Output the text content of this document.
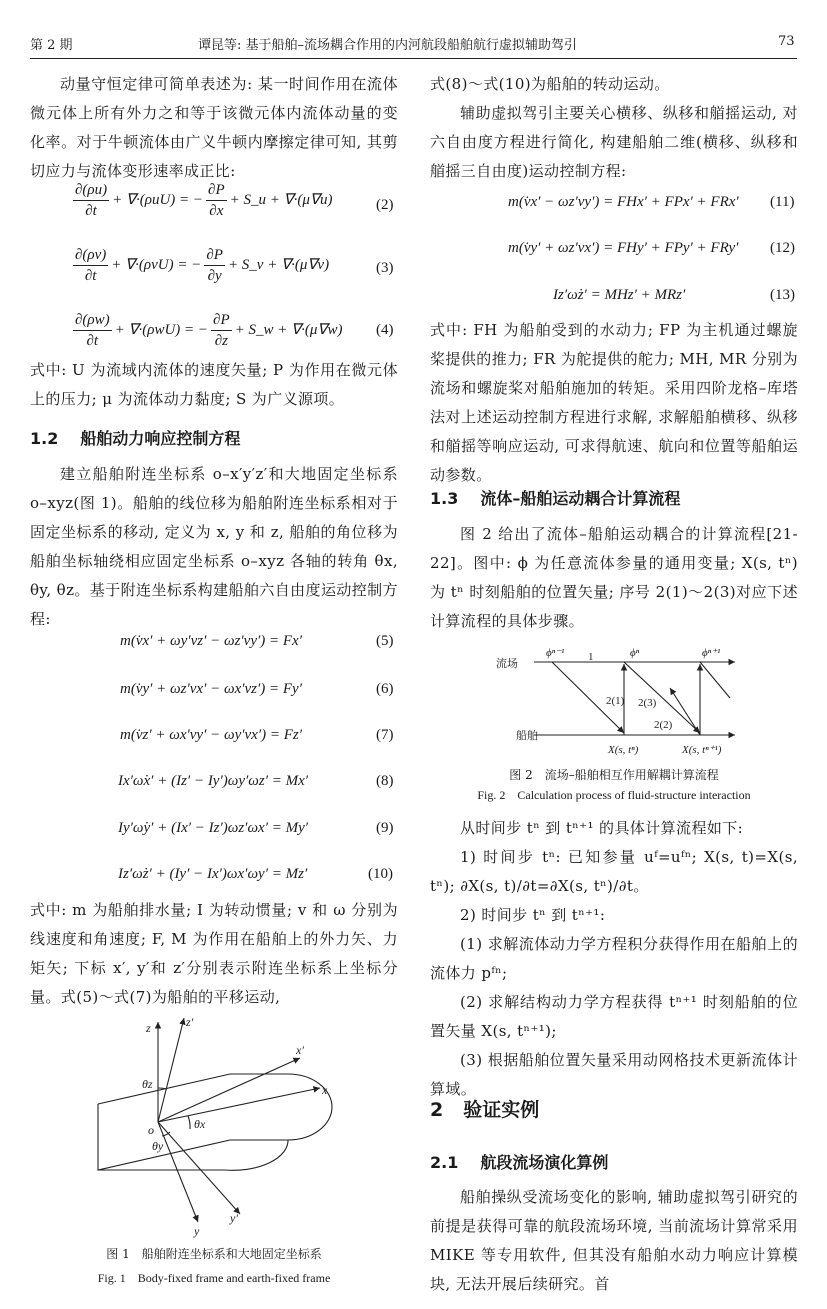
第 2 期	谭昆等: 基于船舶–流场耦合作用的内河航段船舶航行虚拟辅助驾引	73

动量守恒定律可简单表述为: 某一时间作用在流体微元体上所有外力之和等于该微元体内流体动量的变化率。对于牛顿流体由广义牛顿内摩擦定律可知, 其剪切应力与流体变形速率成正比:

$\frac{\partial(\rho u)}{\partial t} + \nabla\cdot(\rho uU)$ = − $\frac{\partial P}{\partial x}$ + S_u + ∇·(μ∇u)	(2)
$\frac{\partial(\rho v)}{\partial t} + \nabla\cdot(\rho vU)$ = − $\frac{\partial P}{\partial y}$ + S_v + ∇·(μ∇v)	(3)
$\frac{\partial(\rho w)}{\partial t} + \nabla\cdot(\rho wU)$ = − $\frac{\partial P}{\partial z}$ + S_w + ∇·(μ∇w) (4)

式中: U 为流域内流体的速度矢量; P 为作用在微元体上的压力; μ 为流体动力黏度; S 为广义源项。

1.2 船舶动力响应控制方程

建立船舶附连坐标系 o–x′y′z′和大地固定坐标系 o–xyz(图 1)。船舶的线位移为船舶附连坐标系相对于固定坐标系的移动, 定义为 x, y 和 z, 船舶的角位移为船舶坐标轴绕相应固定坐标系 o–xyz 各轴的转角 θx, θy, θz。基于附连坐标系构建船舶六自由度运动控制方程:

m(v̇x′ + ωy′vz′ − ωz′vy′) = Fx′	(5)
m(v̇y′ + ωz′vx′ − ωx′vz′) = Fy′	(6)
m(v̇z′ + ωx′vy′ − ωy′vx′) = Fz′	(7)
Ix′ω̇x′ + (Iz′ − Iy′)ωy′ωz′ = Mx′	(8)
Iy′ω̇y′ + (Ix′ − Iz′)ωz′ωx′ = My′	(9)
Iz′ω̇z′ + (Iy′ − Ix′)ωx′ωy′ = Mz′	(10)

式中: m 为船舶排水量; I 为转动惯量; v 和 ω 分别为线速度和角速度; F, M 为作用在船舶上的外力矢、力矩矢; 下标 x′, y′和 z′分别表示附连坐标系上坐标分量。式(5)～式(7)为船舶的平移运动,

z	z′
x′
x
o
θz
θx
θy
y
y′
图 1　船舶附连坐标系和大地固定坐标系
Fig. 1　Body-fixed frame and earth-fixed frame

式(8)～式(10)为船舶的转动运动。

辅助虚拟驾引主要关心横移、纵移和艏摇运动, 对六自由度方程进行简化, 构建船舶二维(横移、纵移和艏摇三自由度)运动控制方程:

m(v̇x′ − ωz′vy′) = FHx′ + FPx′ + FRx′ (11)
m(v̇y′ + ωz′vx′) = FHy′ + FPy′ + FRy′ (12)
Iz′ω̇z′ = MHz′ + MRz′	(13)

式中: FH 为船舶受到的水动力; FP 为主机通过螺旋桨提供的推力; FR 为舵提供的舵力; MH, MR 分别为流场和螺旋桨对船舶施加的转矩。采用四阶龙格–库塔法对上述运动控制方程进行求解, 求解船舶横移、纵移和艏摇等响应运动, 可求得航速、航向和位置等船舶运动参数。

1.3 流体–船舶运动耦合计算流程

图 2 给出了流体–船舶运动耦合的计算流程[21-22]。图中: ϕ 为任意流体参量的通用变量; X(s, tⁿ) 为 tⁿ 时刻船舶的位置矢量; 序号 2(1)～2(3)对应下述计算流程的具体步骤。

流场
船舶
ϕⁿ⁻¹	ϕⁿ	ϕⁿ⁺¹
1
2(1) 2(3)
2(2)
X(s, tⁿ)	X(s, tⁿ⁺¹)
图 2　流场–船舶相互作用解耦计算流程
Fig. 2　Calculation process of fluid-structure interaction

从时间步 tⁿ 到 tⁿ⁺¹ 的具体计算流程如下:

1) 时间步 tⁿ: 已知参量 uᶠ=uᶠⁿ; X(s, t)=X(s, tⁿ); ∂X(s, t)/∂t=∂X(s, tⁿ)/∂t。

2) 时间步 tⁿ 到 tⁿ⁺¹:

(1) 求解流体动力学方程积分获得作用在船舶上的流体力 pᶠⁿ;

(2) 求解结构动力学方程获得 tⁿ⁺¹ 时刻船舶的位置矢量 X(s, tⁿ⁺¹);

(3) 根据船舶位置矢量采用动网格技术更新流体计算域。

2 验证实例
2.1 航段流场演化算例

船舶操纵受流场变化的影响, 辅助虚拟驾引研究的前提是获得可靠的航段流场环境, 当前流场计算常采用 MIKE 等专用软件, 但其没有船舶水动力响应计算模块, 无法开展后续研究。首
